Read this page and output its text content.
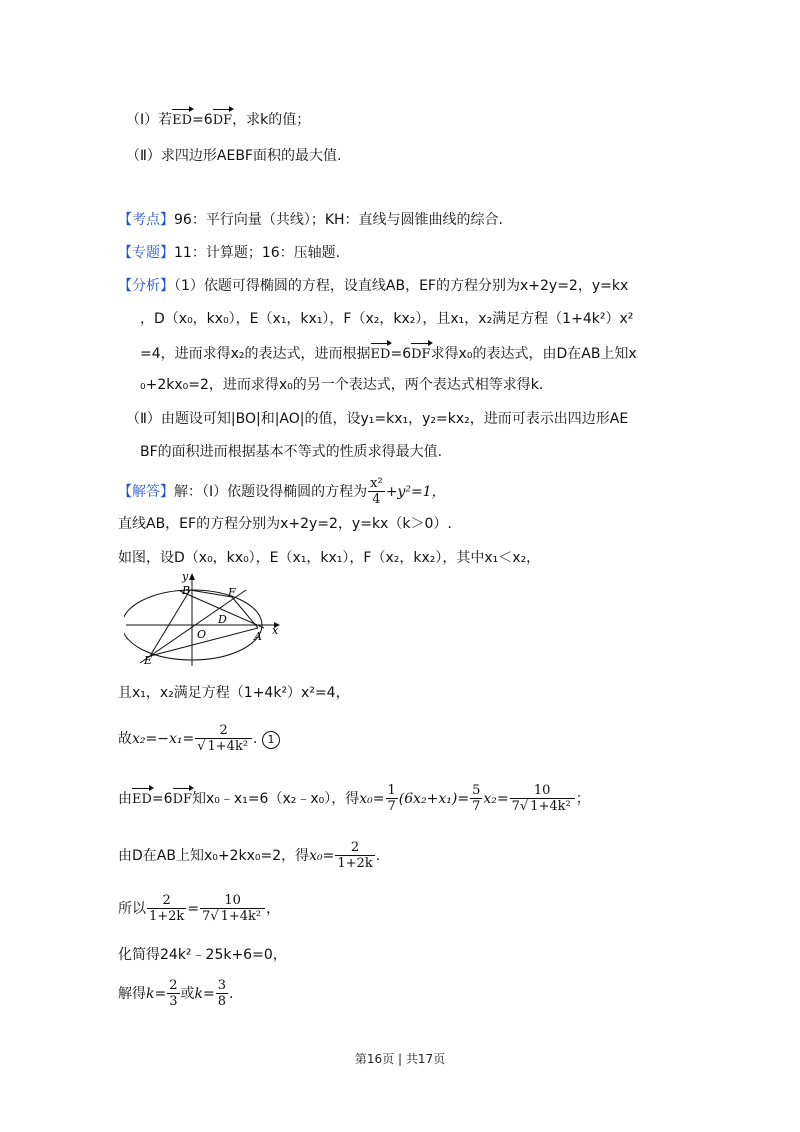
（Ⅰ）若ED=6DF，求k的值；
（Ⅱ）求四边形AEBF面积的最大值.
【考点】96：平行向量（共线）；KH：直线与圆锥曲线的综合.
【专题】11：计算题；16：压轴题.
【分析】（1）依题可得椭圆的方程，设直线AB，EF的方程分别为x+2y=2，y=kx
，D（x₀，kx₀），E（x₁，kx₁），F（x₂，kx₂），且x₁，x₂满足方程（1+4k²）x²
=4，进而求得x₂的表达式，进而根据ED=6DF求得x₀的表达式，由D在AB上知x
₀+2kx₀=2，进而求得x₀的另一个表达式，两个表达式相等求得k.
（Ⅱ）由题设可知|BO|和|AO|的值，设y₁=kx₁，y₂=kx₂，进而可表示出四边形AE
BF的面积进而根据基本不等式的性质求得最大值.
【解答】解：（Ⅰ）依题设得椭圆的方程为 $\frac{\text{x²}}{4} +y^2=1$，
直线AB，EF的方程分别为x+2y=2，y=kx（k＞0）.
如图，设D（x₀，kx₀），E（x₁，kx₁），F（x₂，kx₂），其中x₁＜x₂，
y
x
B	F
D
O	A
E
且x₁，x₂满足方程（1+4k²）x²=4，
故$x_2=-x_1= \frac{2}{\text{√ 1+4k²}}$ . 1
由ED=6DF知x₀﹣x₁=6（x₂﹣x₀），得$x_0= \frac{1}{7} (6x_2+x_1)= \frac{5}{7} x_2= \frac{10}{\text{7√ 1+4k²}}$ ；
由D在AB上知x₀+2kx₀=2，得$x_0= \frac{2}{1+2k}$ .
所以 $\frac{2}{1+2k} = \frac{10}{\text{7√ 1+4k²}}$ ，
化简得24k²﹣25k+6=0，
解得$k= \frac{2}{3}$ 或$k= \frac{3}{8}$ .
第16页 | 共17页
